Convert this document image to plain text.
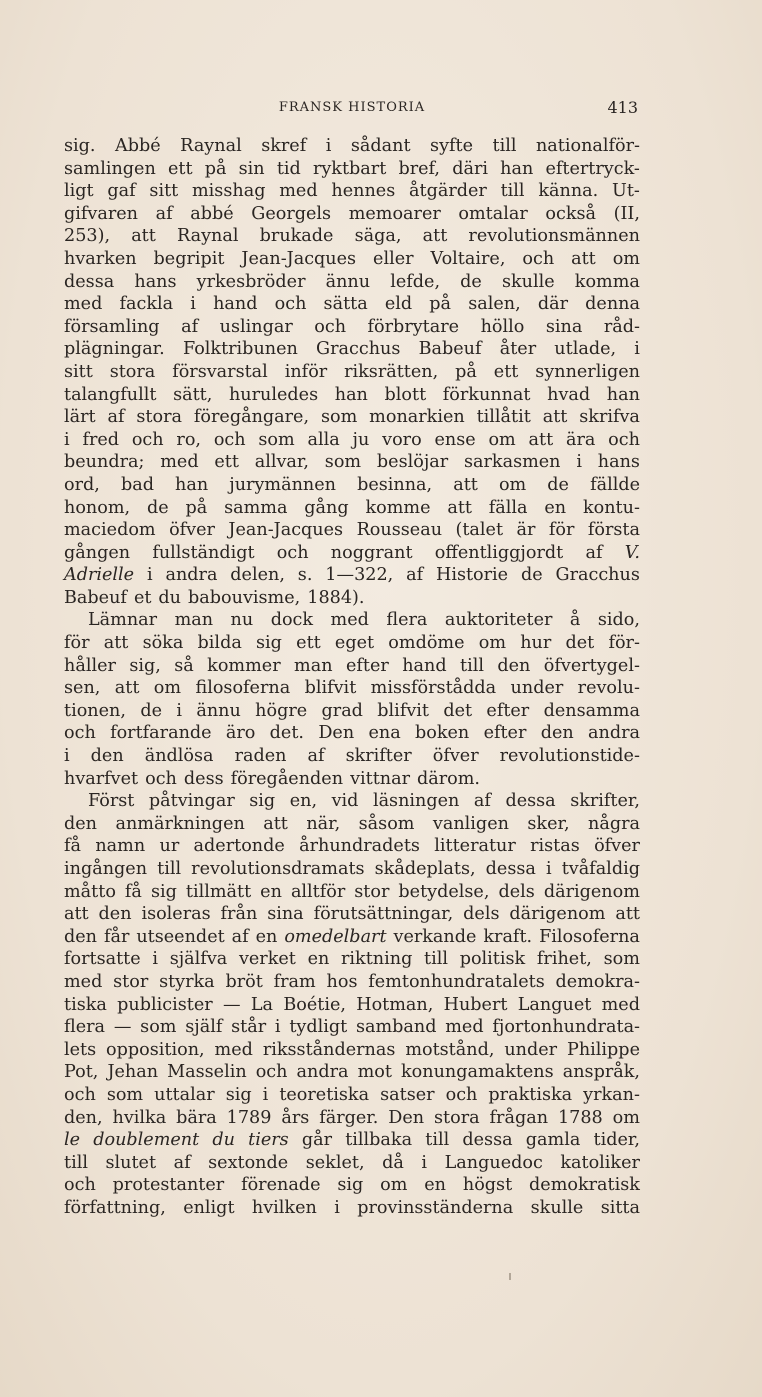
FRANSK HISTORIA	413
sig. Abbé Raynal skref i sådant syfte till nationalför-
samlingen ett på sin tid ryktbart bref, däri han eftertryck-
ligt gaf sitt misshag med hennes åtgärder till känna. Ut-
gifvaren af abbé Georgels memoarer omtalar också (II,
253), att Raynal brukade säga, att revolutionsmännen
hvarken begripit Jean-Jacques eller Voltaire, och att om
dessa hans yrkesbröder ännu lefde, de skulle komma
med fackla i hand och sätta eld på salen, där denna
församling af uslingar och förbrytare höllo sina råd-
plägningar. Folktribunen Gracchus Babeuf åter utlade, i
sitt stora försvarstal inför riksrätten, på ett synnerligen
talangfullt sätt, huruledes han blott förkunnat hvad han
lärt af stora föregångare, som monarkien tillåtit att skrifva
i fred och ro, och som alla ju voro ense om att ära och
beundra; med ett allvar, som beslöjar sarkasmen i hans
ord, bad han jurymännen besinna, att om de fällde
honom, de på samma gång komme att fälla en kontu-
maciedom öfver Jean-Jacques Rousseau (talet är för första
gången fullständigt och noggrant offentliggjordt af V.
Adrielle i andra delen, s. 1—322, af Historie de Gracchus
Babeuf et du babouvisme, 1884).
Lämnar man nu dock med flera auktoriteter å sido,
för att söka bilda sig ett eget omdöme om hur det för-
håller sig, så kommer man efter hand till den öfvertygel-
sen, att om filosoferna blifvit missförstådda under revolu-
tionen, de i ännu högre grad blifvit det efter densamma
och fortfarande äro det. Den ena boken efter den andra
i den ändlösa raden af skrifter öfver revolutionstide-
hvarfvet och dess föregåenden vittnar därom.
Först påtvingar sig en, vid läsningen af dessa skrifter,
den anmärkningen att när, såsom vanligen sker, några
få namn ur adertonde århundradets litteratur ristas öfver
ingången till revolutionsdramats skådeplats, dessa i tvåfaldig
måtto få sig tillmätt en alltför stor betydelse, dels därigenom
att den isoleras från sina förutsättningar, dels därigenom att
den får utseendet af en omedelbart verkande kraft. Filosoferna
fortsatte i själfva verket en riktning till politisk frihet, som
med stor styrka bröt fram hos femtonhundratalets demokra-
tiska publicister — La Boétie, Hotman, Hubert Languet med
flera — som själf står i tydligt samband med fjortonhundrata-
lets opposition, med riksståndernas motstånd, under Philippe
Pot, Jehan Masselin och andra mot konungamaktens anspråk,
och som uttalar sig i teoretiska satser och praktiska yrkan-
den, hvilka bära 1789 års färger. Den stora frågan 1788 om
le doublement du tiers går tillbaka till dessa gamla tider,
till slutet af sextonde seklet, då i Languedoc katoliker
och protestanter förenade sig om en högst demokratisk
författning, enligt hvilken i provinsständerna skulle sitta
